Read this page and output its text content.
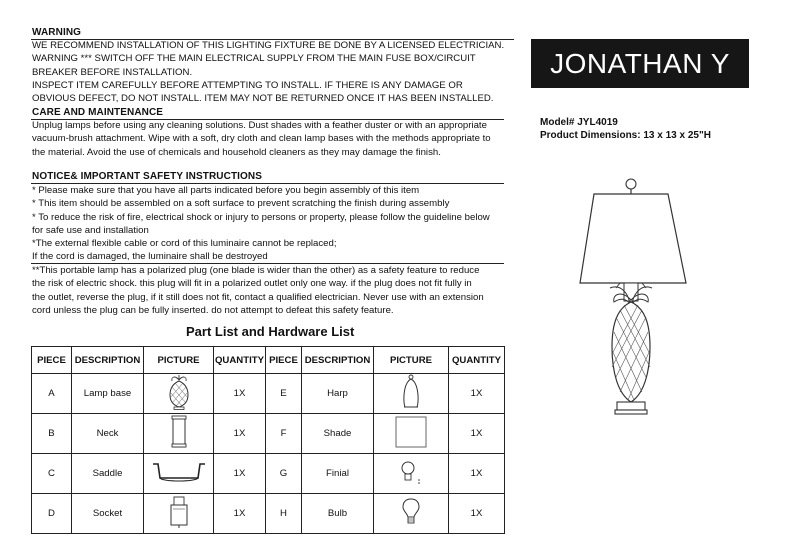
WARNING
WE RECOMMEND INSTALLATION OF THIS LIGHTING FIXTURE BE DONE BY A LICENSED ELECTRICIAN.
WARNING *** SWITCH OFF THE MAIN ELECTRICAL SUPPLY FROM THE MAIN FUSE BOX/CIRCUIT
BREAKER BEFORE INSTALLATION.
INSPECT ITEM CAREFULLY BEFORE ATTEMPTING TO INSTALL. IF THERE IS ANY DAMAGE OR
OBVIOUS DEFECT, DO NOT INSTALL. ITEM MAY NOT BE RETURNED ONCE IT HAS BEEN INSTALLED.
CARE AND MAINTENANCE
Unplug lamps before using any cleaning solutions. Dust shades with a feather duster or with an appropriate
vacuum-brush attachment. Wipe with a soft, dry cloth and clean lamp bases with the methods appropriate to
the material. Avoid the use of chemicals and household cleaners as they may damage the finish.
NOTICE& IMPORTANT SAFETY INSTRUCTIONS
* Please make sure that you have all parts indicated before you begin assembly of this item
* This item should be assembled on a soft surface to prevent scratching the finish during assembly
* To reduce the risk of fire, electrical shock or injury to persons or property, please follow the guideline below
for safe use and installation
*The external flexible cable or cord of this luminaire cannot be replaced;
If the cord is damaged, the luminaire shall be destroyed
**This portable lamp has a polarized plug (one blade is wider than the other) as a safety feature to reduce
the risk of electric shock. this plug will fit in a polarized outlet only one way. if the plug does not fit fully in
the outlet, reverse the plug, if it still does not fit, contact a qualified electrician. Never use with an extension
cord unless the plug can be fully inserted. do not attempt to defeat this safety feature.
JONATHAN Y
Model# JYL4019
Product Dimensions: 13 x 13 x 25"H
Part List and Hardware List
PIECE	DESCRIPTION	PICTURE	QUANTITY	PIECE	DESCRIPTION	PICTURE	QUANTITY
A	Lamp base		1X	E	Harp		1X
B	Neck		1X	F	Shade		1X
C	Saddle		1X	G	Finial		1X
D	Socket		1X	H	Bulb		1X
